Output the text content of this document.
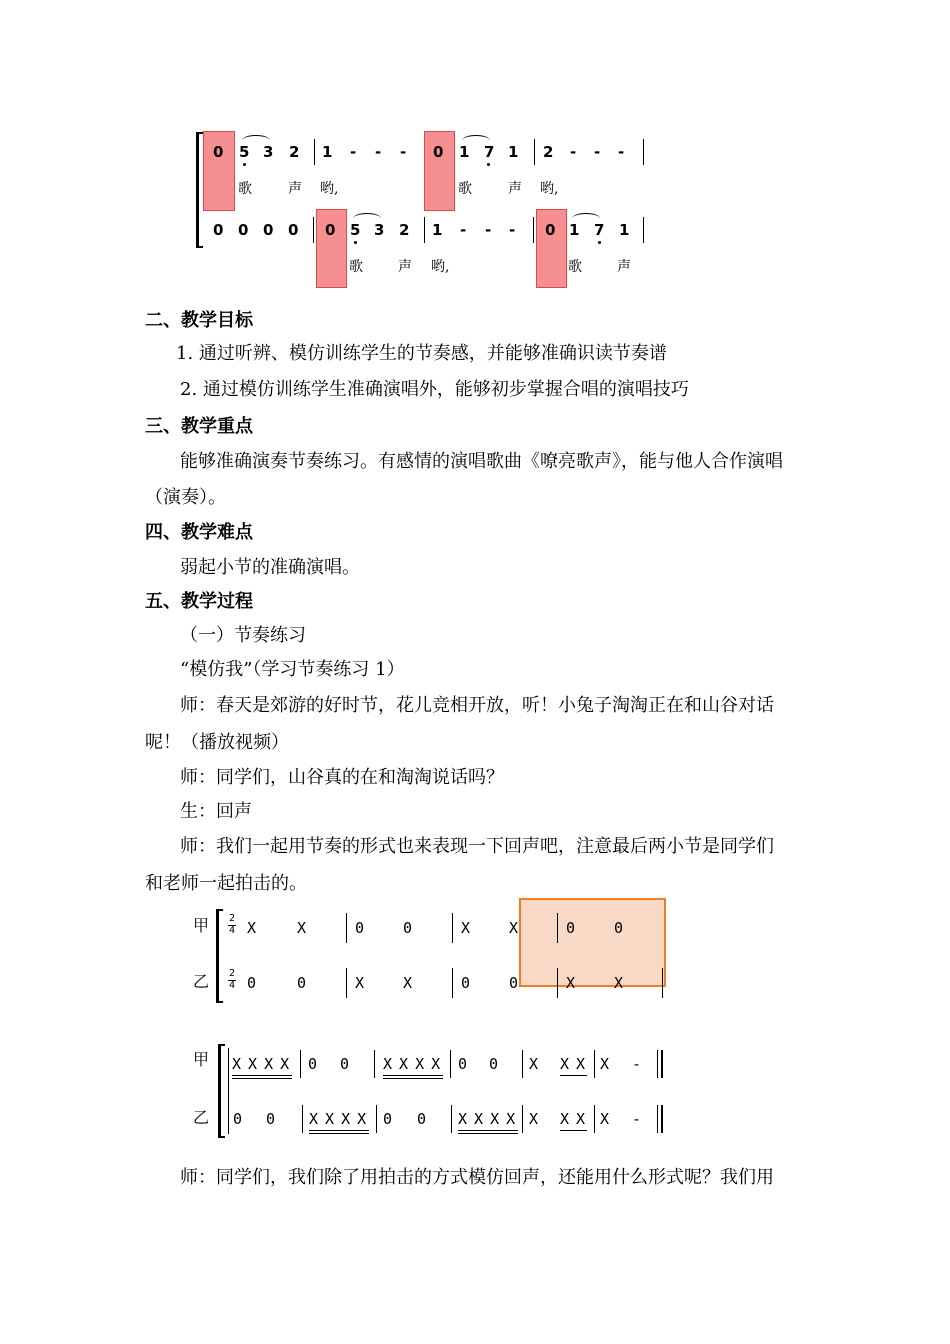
0 5 3 2 1 - - - 0 1 7 1 2 - - -
歌	声 哟,	歌	声 哟,
0 0 0 0 0 5 3 2 1 - - - 0 1 7 1
歌	声 哟,	歌	声
二、教学目标
1. 通过听辨、模仿训练学生的节奏感，并能够准确识读节奏谱
2. 通过模仿训练学生准确演唱外，能够初步掌握合唱的演唱技巧
三、教学重点
能够准确演奏节奏练习。有感情的演唱歌曲《嘹亮歌声》，能与他人合作演唱
（演奏）。
四、教学难点
弱起小节的准确演唱。
五、教学过程
（一）节奏练习
“模仿我”（学习节奏练习 1）
师：春天是郊游的好时节，花儿竞相开放，听！小兔子淘淘正在和山谷对话
呢！（播放视频）
师：同学们，山谷真的在和淘淘说话吗？
生：回声
师：我们一起用节奏的形式也来表现一下回声吧，注意最后两小节是同学们
和老师一起拍击的。
甲
乙
2
4
2
4
X	X	0	0	X	X	0	0
0	0	X	X	0	0	X	X
甲
乙
X X X X 0 0 X X X X 0 0 X X X X -
0 0 X X X X 0 0 X X X X X X X X -
师：同学们，我们除了用拍击的方式模仿回声，还能用什么形式呢？我们用
